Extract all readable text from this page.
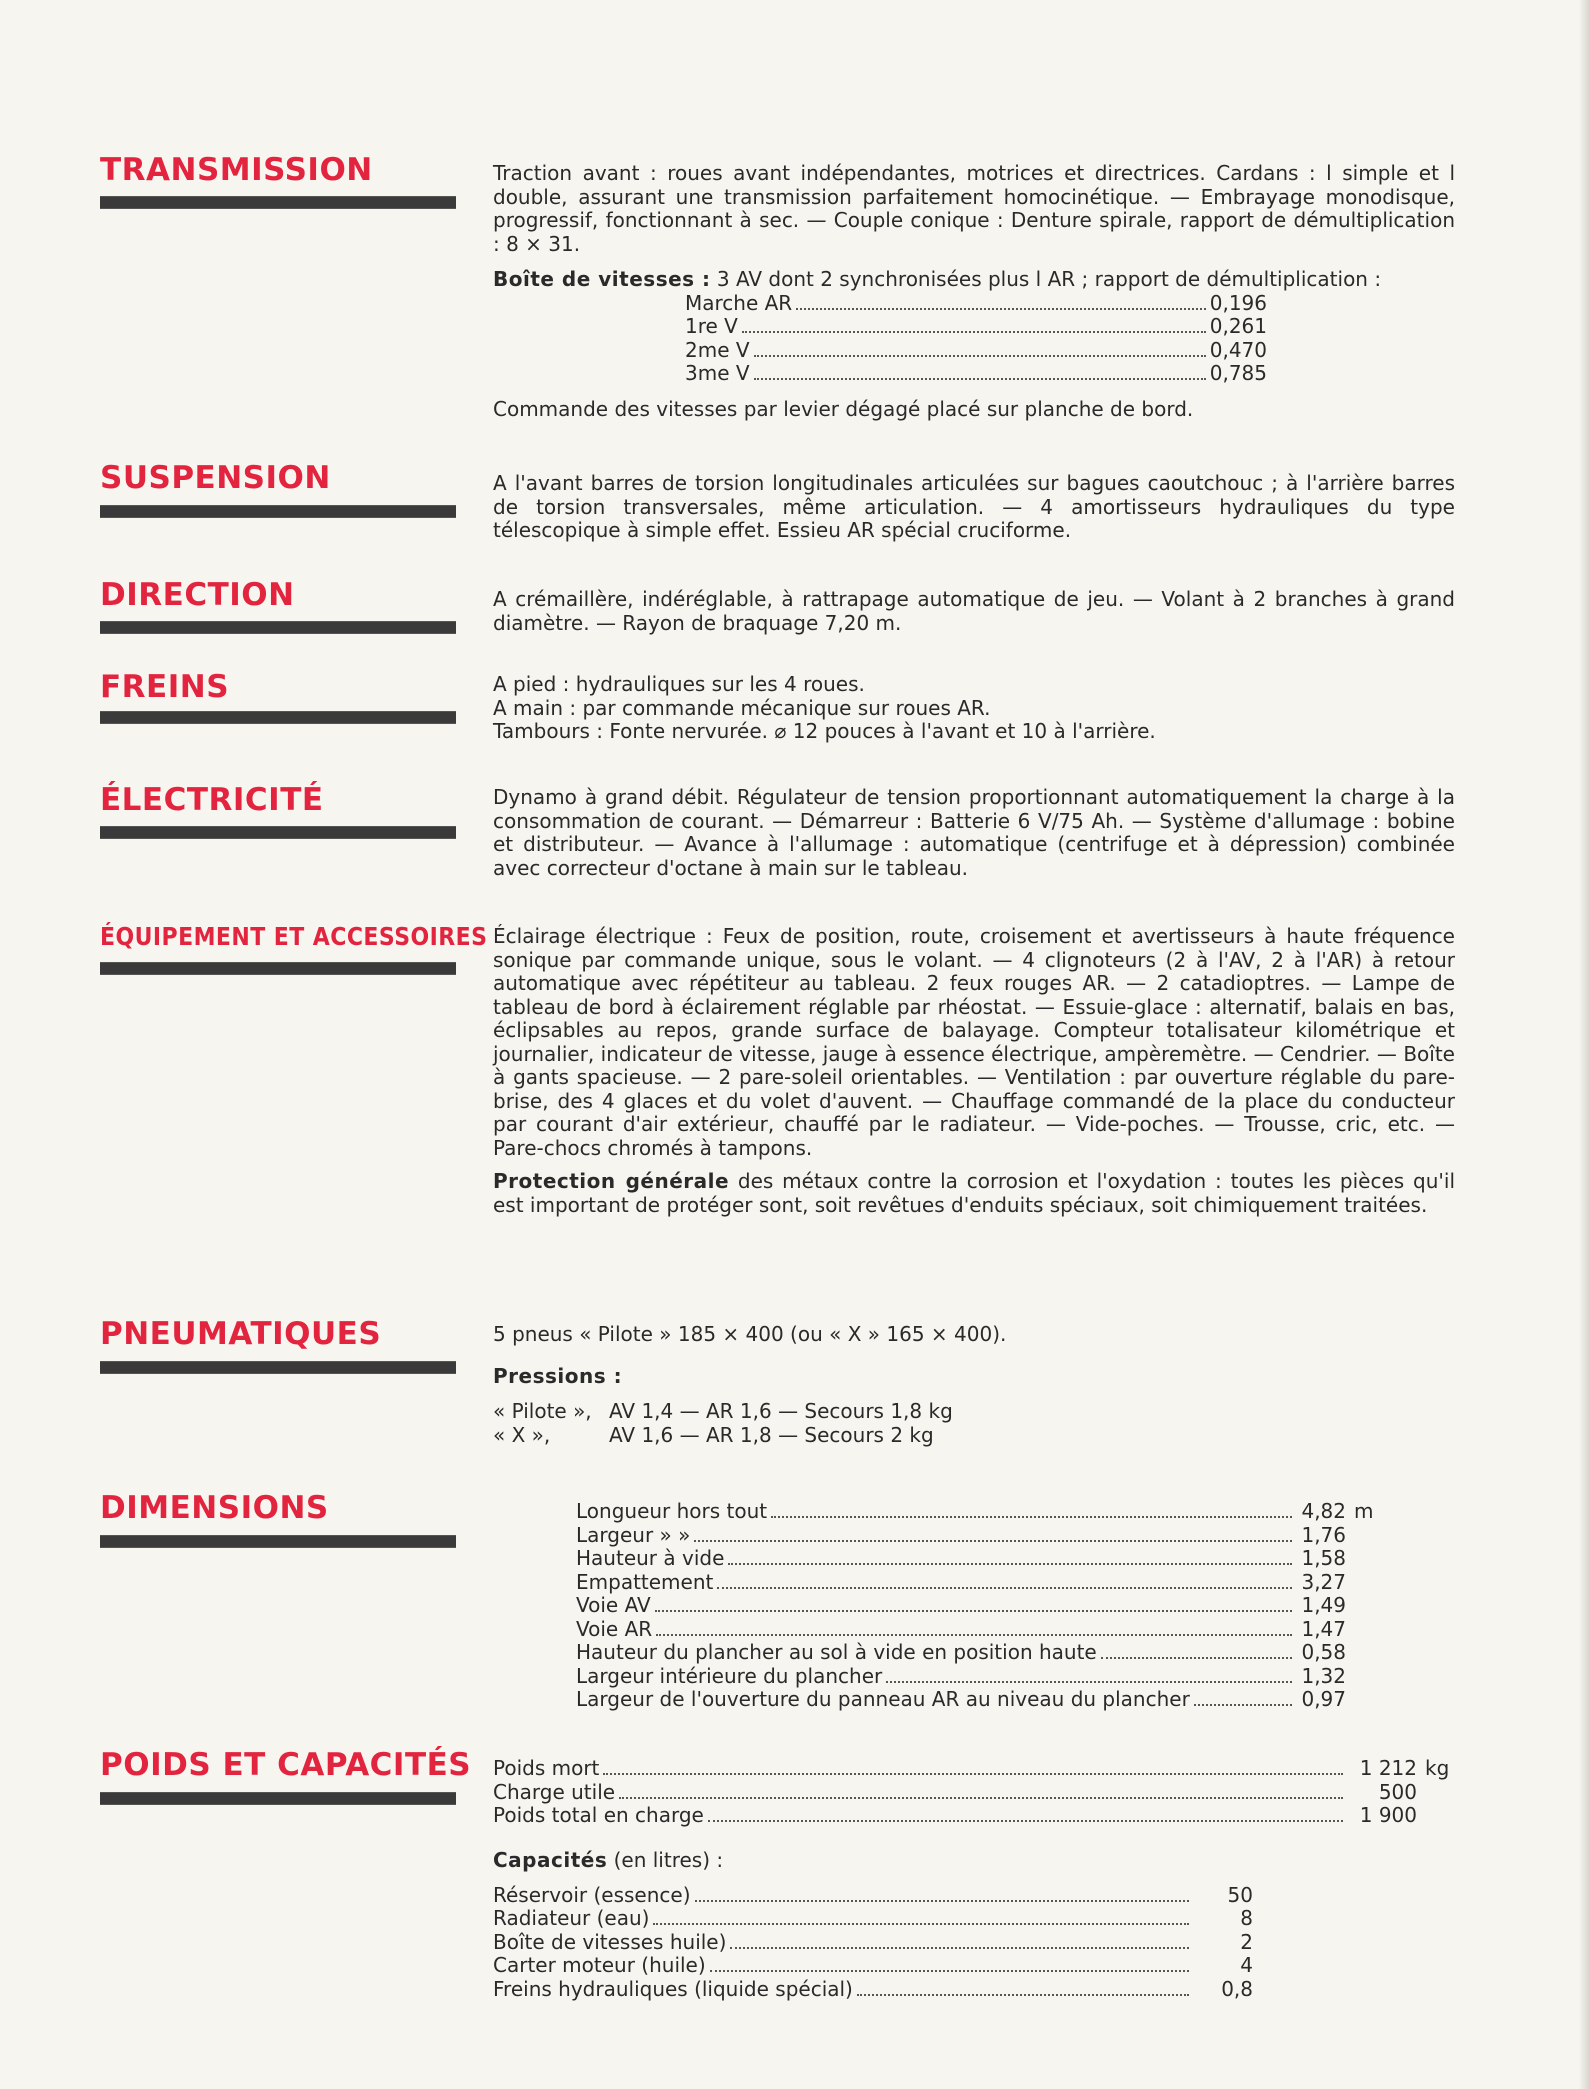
TRANSMISSION	Traction avant : roues avant indépendantes, motrices et directrices. Cardans : l simple et l double, assurant une transmission parfaitement homocinétique. — Embrayage monodisque, progressif, fonctionnant à sec. — Couple conique : Denture spirale, rapport de démultiplication : 8 × 31.

Boîte de vitesses : 3 AV dont 2 synchronisées plus l AR ; rapport de démultiplication :

Marche AR	0,196
1re V	0,261
2me V	0,470
3me V	0,785

Commande des vitesses par levier dégagé placé sur planche de bord.

SUSPENSION	A l'avant barres de torsion longitudinales articulées sur bagues caoutchouc ; à l'arrière barres de torsion transversales, même articulation. — 4 amortisseurs hydrauliques du type télescopique à simple effet. Essieu AR spécial cruciforme.

DIRECTION	A crémaillère, indéréglable, à rattrapage automatique de jeu. — Volant à 2 branches à grand diamètre. — Rayon de braquage 7,20 m.

FREINS	A pied : hydrauliques sur les 4 roues.

A main : par commande mécanique sur roues AR.

Tambours : Fonte nervurée. ⌀ 12 pouces à l'avant et 10 à l'arrière.

ÉLECTRICITÉ	Dynamo à grand débit. Régulateur de tension proportionnant automatiquement la charge à la consommation de courant. — Démarreur : Batterie 6 V/75 Ah. — Système d'allumage : bobine et distributeur. — Avance à l'allumage : automatique (centrifuge et à dépression) combinée avec correcteur d'octane à main sur le tableau.

ÉQUIPEMENT ET ACCESSOIRES Éclairage électrique : Feux de position, route, croisement et avertisseurs à haute fréquence sonique par commande unique, sous le volant. — 4 clignoteurs (2 à l'AV, 2 à l'AR) à retour automatique avec répétiteur au tableau. 2 feux rouges AR. — 2 catadioptres. — Lampe de tableau de bord à éclairement réglable par rhéostat. — Essuie-glace : alternatif, balais en bas, éclipsables au repos, grande surface de balayage. Compteur totalisateur kilométrique et journalier, indicateur de vitesse, jauge à essence électrique, ampèremètre. — Cendrier. — Boîte à gants spacieuse. — 2 pare-soleil orientables. — Ventilation : par ouverture réglable du pare-brise, des 4 glaces et du volet d'auvent. — Chauffage commandé de la place du conducteur par courant d'air extérieur, chauffé par le radiateur. — Vide-poches. — Trousse, cric, etc. — Pare-chocs chromés à tampons.

Protection générale des métaux contre la corrosion et l'oxydation : toutes les pièces qu'il est important de protéger sont, soit revêtues d'enduits spéciaux, soit chimiquement traitées.

PNEUMATIQUES	5 pneus « Pilote » 185 × 400 (ou « X » 165 × 400).

Pressions :

« Pilote », AV 1,4 — AR 1,6 — Secours 1,8 kg
« X »,	AV 1,6 — AR 1,8 — Secours 2 kg
DIMENSIONS	Longueur hors tout	4,82 m
Largeur » »	1,76
Hauteur à vide	1,58
Empattement	3,27
Voie AV	1,49
Voie AR	1,47
Hauteur du plancher au sol à vide en position haute	0,58
Largeur intérieure du plancher	1,32
Largeur de l'ouverture du panneau AR au niveau du plancher	0,97
POIDS ET CAPACITÉS Poids mort	1 212 kg
Charge utile	500
Poids total en charge	1 900

Capacités (en litres) :

Réservoir (essence)	50
Radiateur (eau)	8
Boîte de vitesses huile)	2
Carter moteur (huile)	4
Freins hydrauliques (liquide spécial)	0,8
